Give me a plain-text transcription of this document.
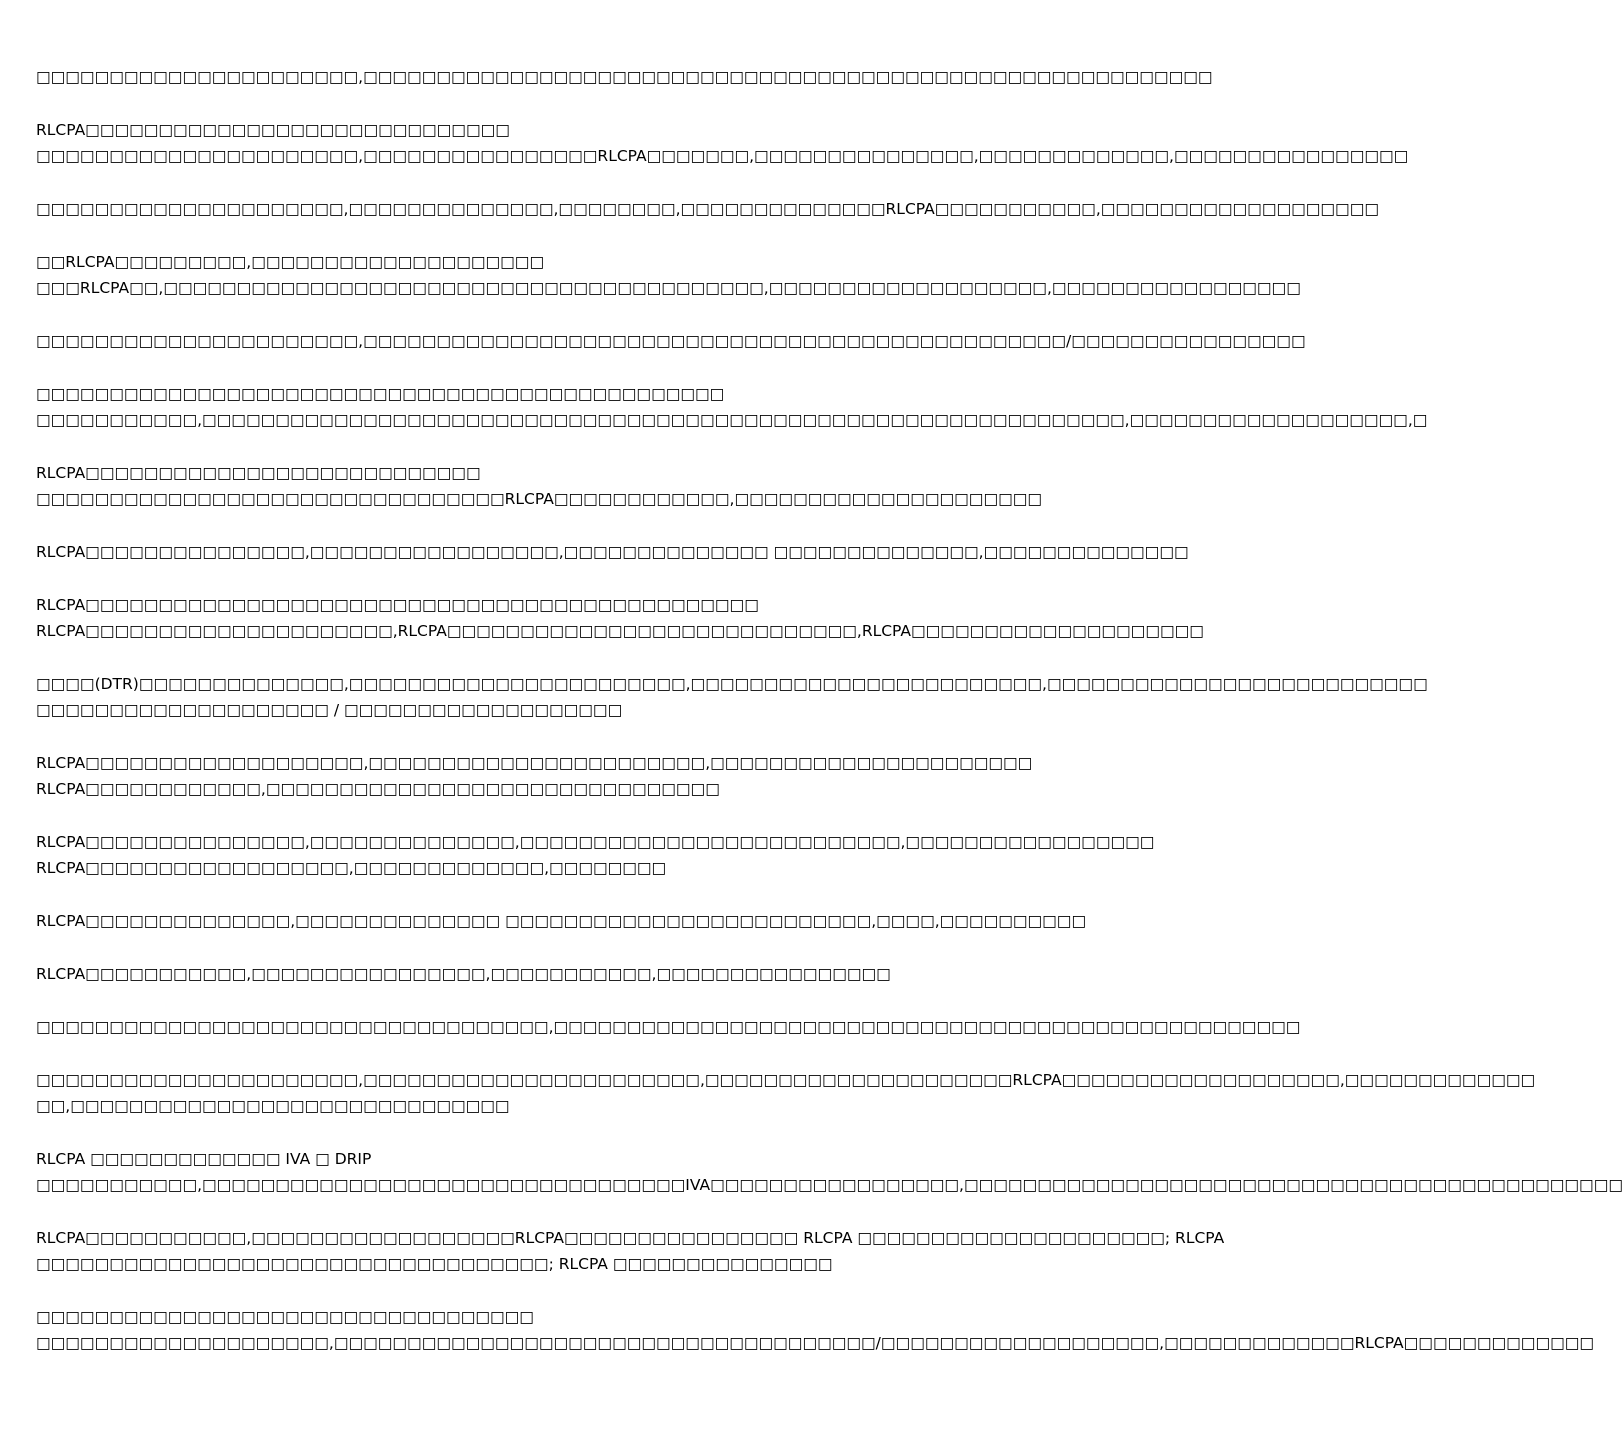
□□□□□□□□□□□□□□□□□□□□□□,□□□□□□□□□□□□□□□□□□□□□□□□□□□□□□□□□□□□□□□□□□□□□□□□□□□□□□□□□□
RLCPA□□□□□□□□□□□□□□□□□□□□□□□□□□□□□
□□□□□□□□□□□□□□□□□□□□□□,□□□□□□□□□□□□□□□□RLCPA□□□□□□□,□□□□□□□□□□□□□□□,□□□□□□□□□□□□□,□□□□□□□□□□□□□□□□
□□□□□□□□□□□□□□□□□□□□□,□□□□□□□□□□□□□□,□□□□□□□□,□□□□□□□□□□□□□□RLCPA□□□□□□□□□□□,□□□□□□□□□□□□□□□□□□□
□□RLCPA□□□□□□□□□,□□□□□□□□□□□□□□□□□□□□
□□□RLCPA□□,□□□□□□□□□□□□□□□□□□□□□□□□□□□□□□□□□□□□□□□□□,□□□□□□□□□□□□□□□□□□□,□□□□□□□□□□□□□□□□□
□□□□□□□□□□□□□□□□□□□□□□,□□□□□□□□□□□□□□□□□□□□□□□□□□□□□□□□□□□□□□□□□□□□□□□□/□□□□□□□□□□□□□□□□
□□□□□□□□□□□□□□□□□□□□□□□□□□□□□□□□□□□□□□□□□□□□□□□
□□□□□□□□□□□,□□□□□□□□□□□□□□□□□□□□□□□□□□□□□□□□□□□□□□□□□□□□□□□□□□□□□□□□□□□□□□□,□□□□□□□□□□□□□□□□□□□,□
RLCPA□□□□□□□□□□□□□□□□□□□□□□□□□□□
□□□□□□□□□□□□□□□□□□□□□□□□□□□□□□□□RLCPA□□□□□□□□□□□□,□□□□□□□□□□□□□□□□□□□□□
RLCPA□□□□□□□□□□□□□□□,□□□□□□□□□□□□□□□□□,□□□□□□□□□□□□□□ □□□□□□□□□□□□□□,□□□□□□□□□□□□□□
RLCPA□□□□□□□□□□□□□□□□□□□□□□□□□□□□□□□□□□□□□□□□□□□□□□
RLCPA□□□□□□□□□□□□□□□□□□□□□,RLCPA□□□□□□□□□□□□□□□□□□□□□□□□□□□□,RLCPA□□□□□□□□□□□□□□□□□□□□
□□□□(DTR)□□□□□□□□□□□□□□,□□□□□□□□□□□□□□□□□□□□□□□,□□□□□□□□□□□□□□□□□□□□□□□□,□□□□□□□□□□□□□□□□□□□□□□□□□□
□□□□□□□□□□□□□□□□□□□□ / □□□□□□□□□□□□□□□□□□□
RLCPA□□□□□□□□□□□□□□□□□□□,□□□□□□□□□□□□□□□□□□□□□□□,□□□□□□□□□□□□□□□□□□□□□□
RLCPA□□□□□□□□□□□□,□□□□□□□□□□□□□□□□□□□□□□□□□□□□□□□
RLCPA□□□□□□□□□□□□□□□,□□□□□□□□□□□□□□,□□□□□□□□□□□□□□□□□□□□□□□□□□,□□□□□□□□□□□□□□□□□
RLCPA□□□□□□□□□□□□□□□□□□,□□□□□□□□□□□□□,□□□□□□□□
RLCPA□□□□□□□□□□□□□□,□□□□□□□□□□□□□□ □□□□□□□□□□□□□□□□□□□□□□□□□,□□□□,□□□□□□□□□□
RLCPA□□□□□□□□□□□,□□□□□□□□□□□□□□□□,□□□□□□□□□□□,□□□□□□□□□□□□□□□□
□□□□□□□□□□□□□□□□□□□□□□□□□□□□□□□□□□□,□□□□□□□□□□□□□□□□□□□□□□□□□□□□□□□□□□□□□□□□□□□□□□□□□□□
□□□□□□□□□□□□□□□□□□□□□□,□□□□□□□□□□□□□□□□□□□□□□□,□□□□□□□□□□□□□□□□□□□□□RLCPA□□□□□□□□□□□□□□□□□□□,□□□□□□□□□□□□□
□□,□□□□□□□□□□□□□□□□□□□□□□□□□□□□□□
RLCPA □□□□□□□□□□□□□ IVA □ DRIP
□□□□□□□□□□□,□□□□□□□□□□□□□□□□□□□□□□□□□□□□□□□□□IVA□□□□□□□□□□□□□□□□□,□□□□□□□□□□□□□□□□□□□□□□□□□□□□□□□□□□□□□□□□□□□□□
RLCPA□□□□□□□□□□□,□□□□□□□□□□□□□□□□□□RLCPA□□□□□□□□□□□□□□□□ RLCPA □□□□□□□□□□□□□□□□□□□□□; RLCPA
□□□□□□□□□□□□□□□□□□□□□□□□□□□□□□□□□□□; RLCPA □□□□□□□□□□□□□□□
□□□□□□□□□□□□□□□□□□□□□□□□□□□□□□□□□□
□□□□□□□□□□□□□□□□□□□□,□□□□□□□□□□□□□□□□□□□□□□□□□□□□□□□□□□□□□/□□□□□□□□□□□□□□□□□□□,□□□□□□□□□□□□□RLCPA□□□□□□□□□□□□□
